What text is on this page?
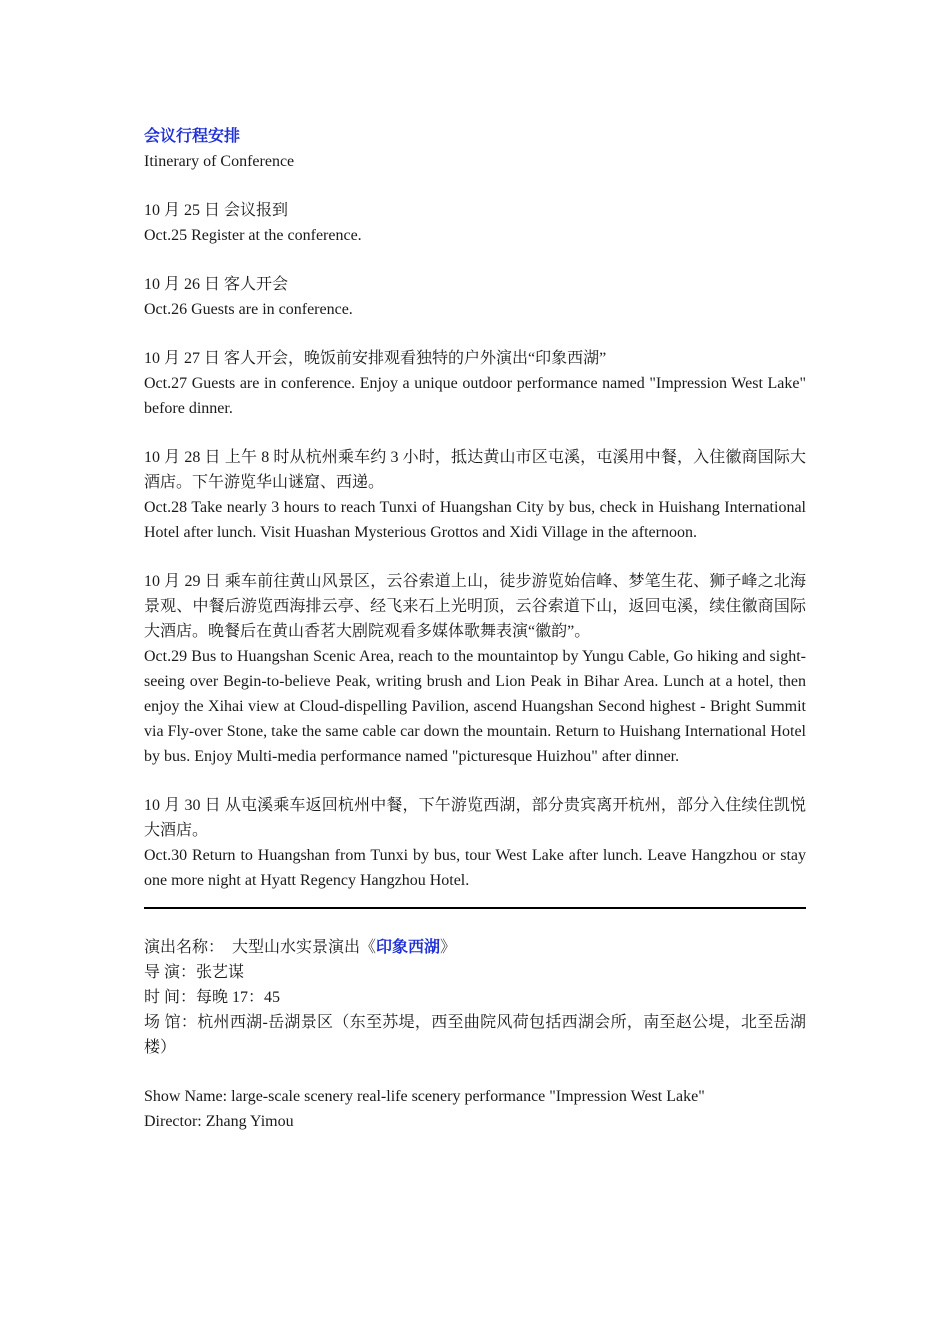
会议行程安排
Itinerary of Conference
10 月 25 日 会议报到
Oct.25 Register at the conference.
10 月 26 日 客人开会
Oct.26 Guests are in conference.
10 月 27 日 客人开会，晚饭前安排观看独特的户外演出“印象西湖”
Oct.27 Guests are in conference. Enjoy a unique outdoor performance named "Impression West Lake" before dinner.
10 月 28 日 上午 8 时从杭州乘车约 3 小时，抵达黄山市区屯溪，屯溪用中餐，入住徽商国际大酒店。下午游览华山谜窟、西递。
Oct.28 Take nearly 3 hours to reach Tunxi of Huangshan City by bus, check in Huishang International Hotel after lunch. Visit Huashan Mysterious Grottos and Xidi Village in the afternoon.
10 月 29 日 乘车前往黄山风景区，云谷索道上山，徒步游览始信峰、梦笔生花、狮子峰之北海景观、中餐后游览西海排云亭、经飞来石上光明顶，云谷索道下山，返回屯溪，续住徽商国际大酒店。晚餐后在黄山香茗大剧院观看多媒体歌舞表演“徽韵”。
Oct.29 Bus to Huangshan Scenic Area, reach to the mountaintop by Yungu Cable, Go hiking and sight-seeing over Begin-to-believe Peak, writing brush and Lion Peak in Bihar Area. Lunch at a hotel, then enjoy the Xihai view at Cloud-dispelling Pavilion, ascend Huangshan Second highest - Bright Summit via Fly-over Stone, take the same cable car down the mountain. Return to Huishang International Hotel by bus. Enjoy Multi-media performance named "picturesque Huizhou" after dinner.
10 月 30 日 从屯溪乘车返回杭州中餐，下午游览西湖，部分贵宾离开杭州，部分入住续住凯悦大酒店。
Oct.30 Return to Huangshan from Tunxi by bus, tour West Lake after lunch. Leave Hangzhou or stay one more night at Hyatt Regency Hangzhou Hotel.
演出名称： 大型山水实景演出《印象西湖》
导 演：张艺谋
时 间：每晚 17：45
场 馆：杭州西湖-岳湖景区（东至苏堤，西至曲院风荷包括西湖会所，南至赵公堤，北至岳湖楼）
Show Name: large-scale scenery real-life scenery performance "Impression West Lake"
Director: Zhang Yimou
